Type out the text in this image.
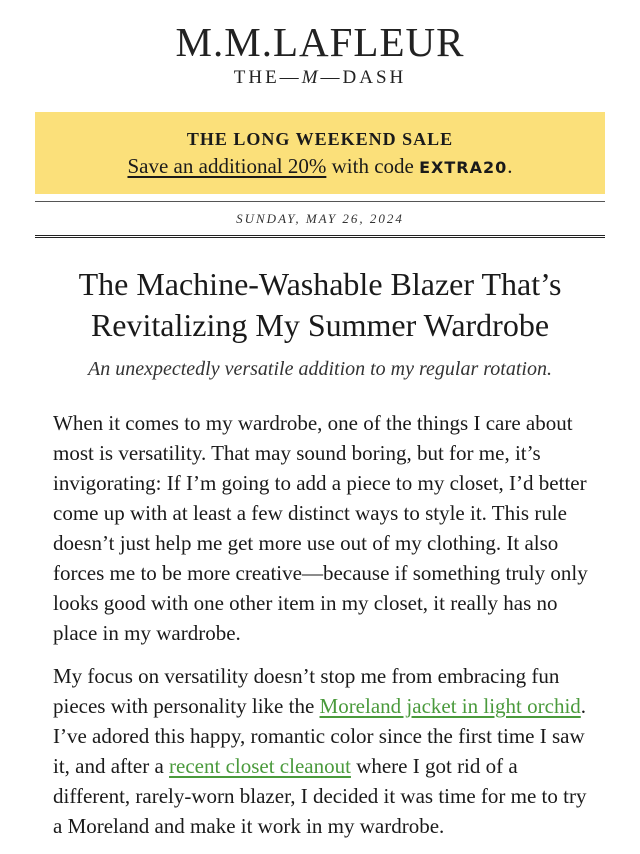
M.M.LAFLEUR
THE—M—DASH
THE LONG WEEKEND SALE
Save an additional 20% with code EXTRA20.
SUNDAY, MAY 26, 2024
The Machine-Washable Blazer That’s Revitalizing My Summer Wardrobe
An unexpectedly versatile addition to my regular rotation.

When it comes to my wardrobe, one of the things I care about most is versatility. That may sound boring, but for me, it’s invigorating: If I’m going to add a piece to my closet, I’d better come up with at least a few distinct ways to style it. This rule doesn’t just help me get more use out of my clothing. It also forces me to be more creative—because if something truly only looks good with one other item in my closet, it really has no place in my wardrobe.

My focus on versatility doesn’t stop me from embracing fun pieces with personality like the Moreland jacket in light orchid. I’ve adored this happy, romantic color since the first time I saw it, and after a recent closet cleanout where I got rid of a different, rarely-worn blazer, I decided it was time for me to try a Moreland and make it work in my wardrobe.
